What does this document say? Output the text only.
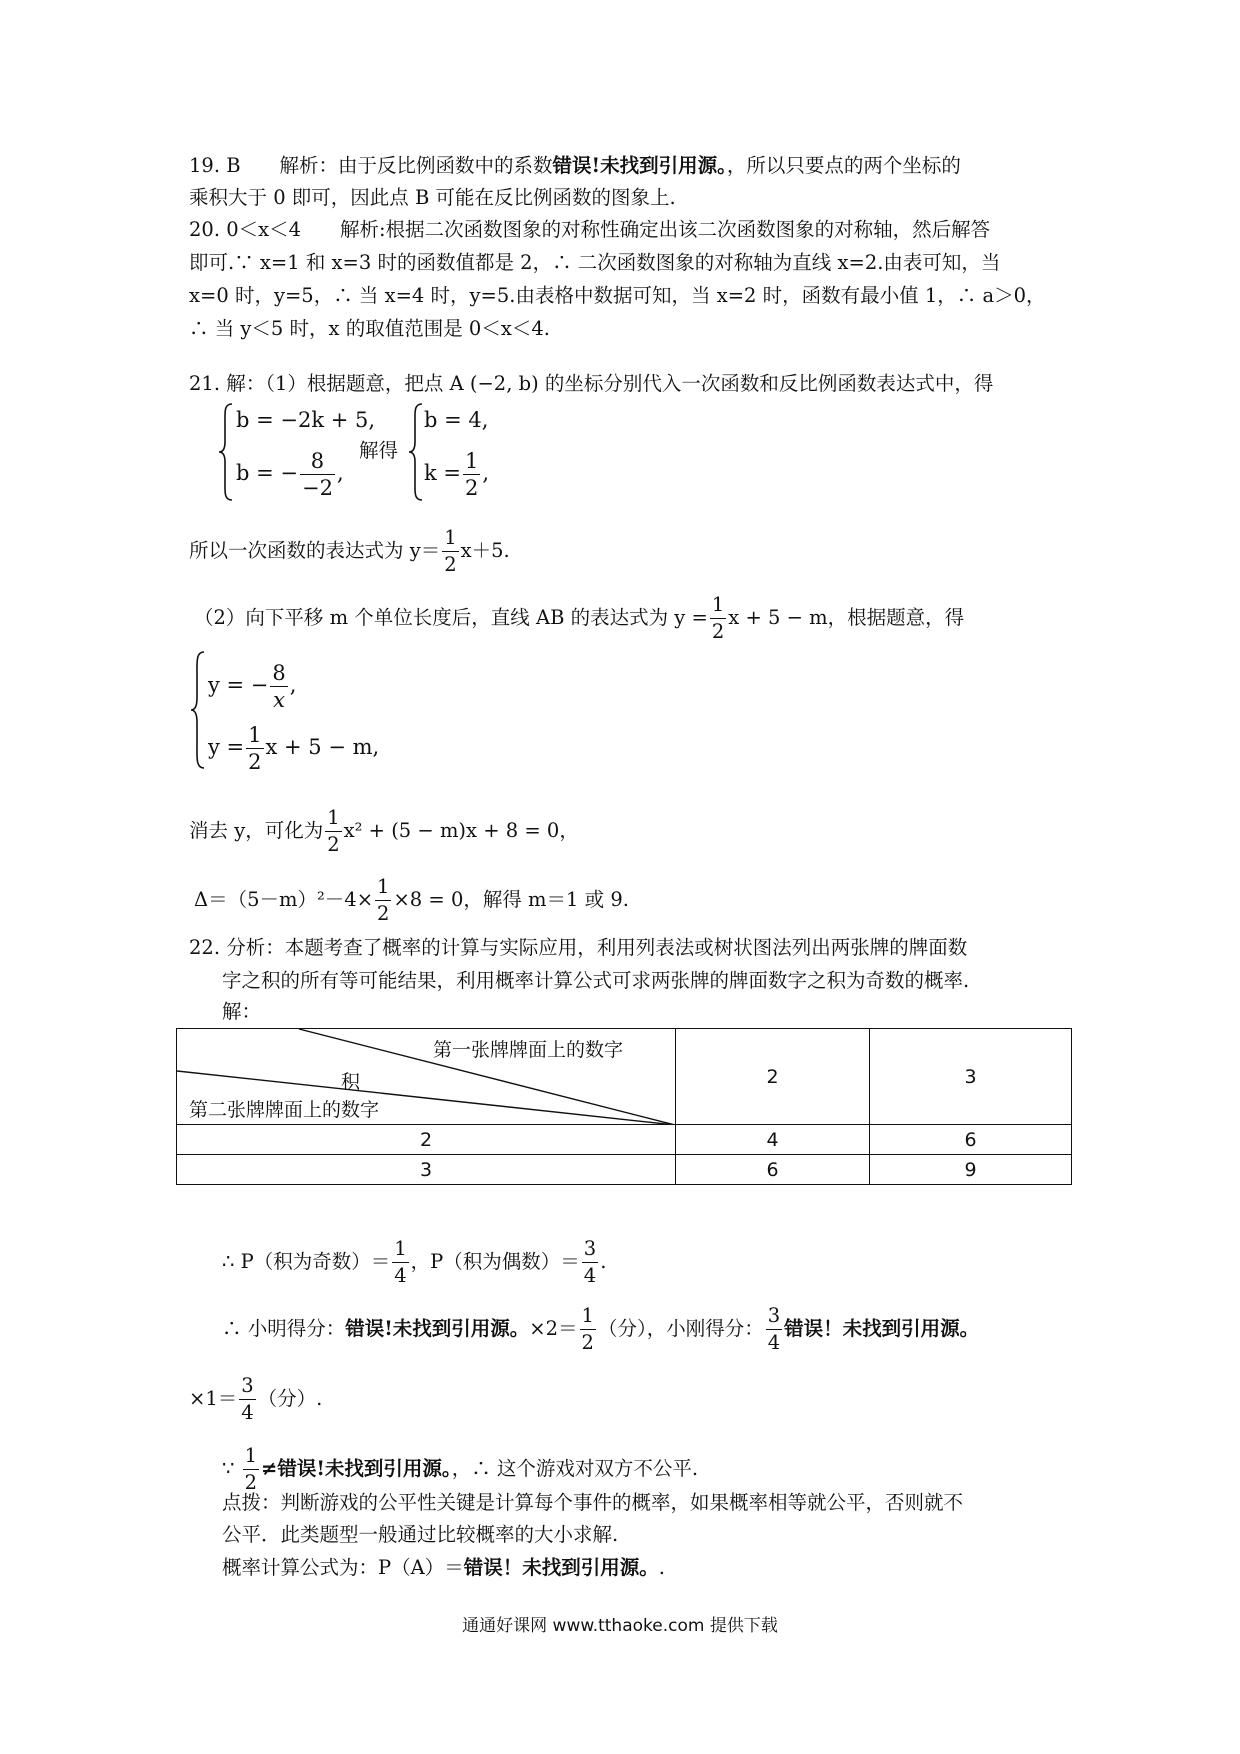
19. B　　解析：由于反比例函数中的系数错误!未找到引用源。，所以只要点的两个坐标的
乘积大于 0 即可，因此点 B 可能在反比例函数的图象上.
20. 0＜x＜4　　解析:根据二次函数图象的对称性确定出该二次函数图象的对称轴，然后解答
即可.∵ x=1 和 x=3 时的函数值都是 2，∴ 二次函数图象的对称轴为直线 x=2.由表可知，当
x=0 时，y=5，∴ 当 x=4 时，y=5.由表格中数据可知，当 x=2 时，函数有最小值 1，∴ a＞0，
∴ 当 y＜5 时，x 的取值范围是 0＜x＜4.
21. 解：（1）根据题意，把点 A (−2, b) 的坐标分别代入一次函数和反比例函数表达式中，得
b = −2k + 5,
b = − $\frac{8}{-2}$ ,
解得
b = 4,
$k = \frac{1}{2}$ ,
所以一次函数的表达式为 $y= \frac{1}{2} x+5$.
（2）向下平移 m 个单位长度后，直线 AB 的表达式为 $y = \frac{1}{2}$ x + 5 − m，根据题意，得
y = − $\frac{8}{x}$ ,
$y = \frac{1}{2}$ x + 5 − m,
消去 y，可化为 $\frac{1}{2} x^2 + (5 - m)x + 8 = 0$，
$\Delta=(5-m)^2-4\times \frac{1}{2} \times 8 = 0$，解得 m＝1 或 9.
22. 分析：本题考查了概率的计算与实际应用，利用列表法或树状图法列出两张牌的牌面数
字之积的所有等可能结果，利用概率计算公式可求两张牌的牌面数字之积为奇数的概率.
解：
第一张牌牌面上的数字
积
第二张牌牌面上的数字	2	3
2	4	6
3	6	9
∴ P（积为奇数）＝ $\frac{1}{4}$ ，P（积为偶数）＝ $\frac{3}{4}$ .
∴ 小明得分：错误!未找到引用源。$\times 2= \frac{1}{2}$ （分），小刚得分： $\frac{3}{4}$ 错误！未找到引用源。
$\times 1= \frac{3}{4}$ （分）.
∵ $\frac{1}{2}$ ≠错误!未找到引用源。，∴ 这个游戏对双方不公平.
点拨：判断游戏的公平性关键是计算每个事件的概率，如果概率相等就公平，否则就不
公平．此类题型一般通过比较概率的大小求解.
概率计算公式为：P（A）＝错误！未找到引用源。.
通通好课网 www.tthaoke.com 提供下载
